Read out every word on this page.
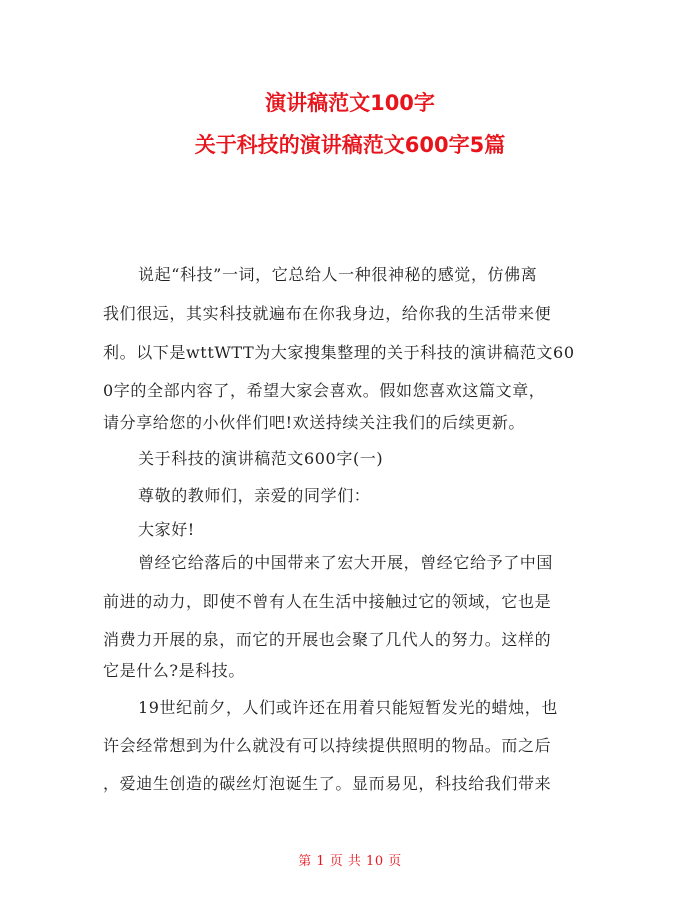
演讲稿范文100字
关于科技的演讲稿范文600字5篇
说起“科技”一词，它总给人一种很神秘的感觉，仿佛离
我们很远，其实科技就遍布在你我身边，给你我的生活带来便
利。以下是wttWTT为大家搜集整理的关于科技的演讲稿范文60
0字的全部内容了，希望大家会喜欢。假如您喜欢这篇文章，
请分享给您的小伙伴们吧!欢送持续关注我们的后续更新。
关于科技的演讲稿范文600字(一)
尊敬的教师们，亲爱的同学们：
大家好!
曾经它给落后的中国带来了宏大开展，曾经它给予了中国
前进的动力，即使不曾有人在生活中接触过它的领域，它也是
消费力开展的泉，而它的开展也会聚了几代人的努力。这样的
它是什么?是科技。
19世纪前夕，人们或许还在用着只能短暂发光的蜡烛，也
许会经常想到为什么就没有可以持续提供照明的物品。而之后
，爱迪生创造的碳丝灯泡诞生了。显而易见，科技给我们带来
第 1 页 共 10 页
